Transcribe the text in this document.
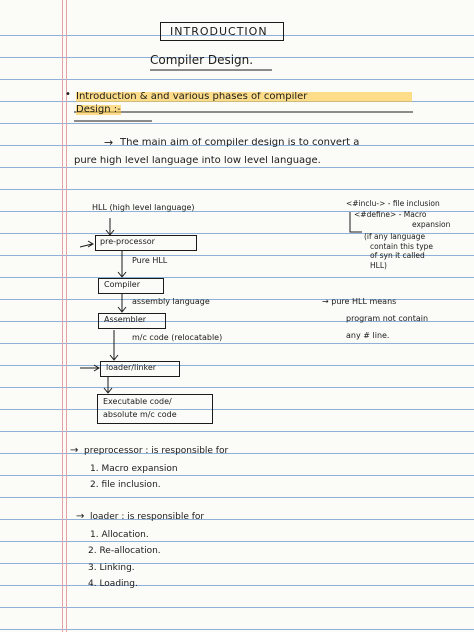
INTRODUCTION
Compiler Design.
• Introduction & and various phases of compiler
Design :-
→ The main aim of compiler design is to convert a
pure high level language into low level language.
HLL (high level language)
pre-processor
Pure HLL
Compiler
assembly language
Assembler
m/c code (relocatable)
loader/linker
Executable code/
absolute m/c code
<#inclu-> - file inclusion
<#define> - Macro
expansion
(if any language
contain this type
of syn it called
HLL)
→ pure HLL means
program not contain
any # line.
→ preprocessor : is responsible for
1. Macro expansion
2. file inclusion.
→ loader : is responsible for
1. Allocation.
2. Re-allocation.
3. Linking.
4. Loading.
